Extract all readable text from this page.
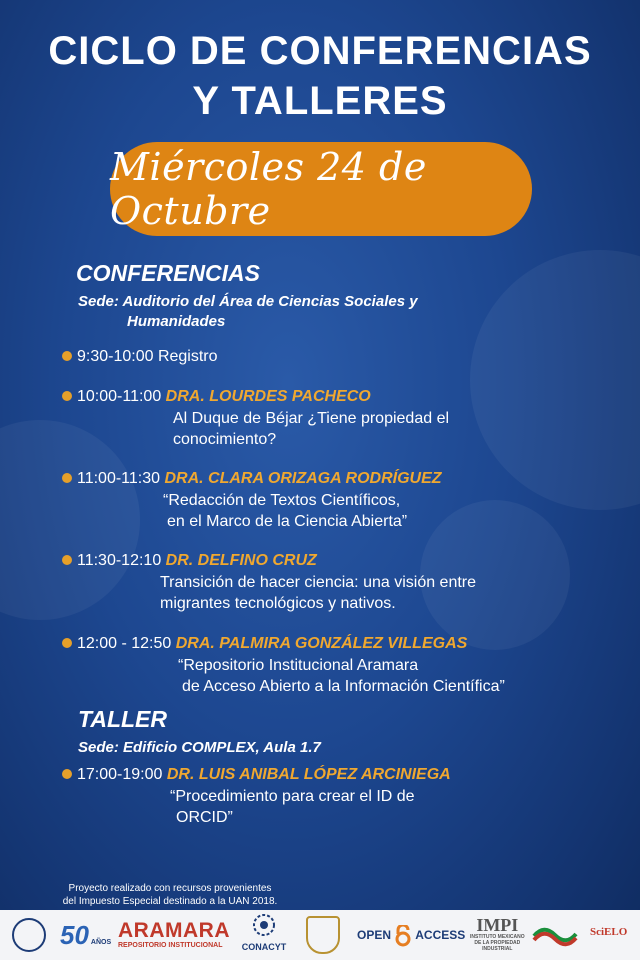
CICLO DE CONFERENCIAS
Y TALLERES
Miércoles 24 de Octubre
CONFERENCIAS
Sede: Auditorio del Área de Ciencias Sociales y
Humanidades
9:30-10:00 Registro
10:00-11:00 DRA. LOURDES PACHECO
Al Duque de Béjar ¿Tiene propiedad el
conocimiento?
11:00-11:30 DRA. CLARA ORIZAGA RODRÍGUEZ
“Redacción de Textos Científicos,
en el Marco de la Ciencia Abierta”
11:30-12:10 DR. DELFINO CRUZ
Transición de hacer ciencia: una visión entre
migrantes tecnológicos y nativos.
12:00 - 12:50 DRA. PALMIRA GONZÁLEZ VILLEGAS
“Repositorio Institucional Aramara
de Acceso Abierto a la Información Científica”
TALLER
Sede: Edificio COMPLEX, Aula 1.7
17:00-19:00 DR. LUIS ANIBAL LÓPEZ ARCINIEGA
“Procedimiento para crear el ID de
ORCID”
Proyecto realizado con recursos provenientes
del Impuesto Especial destinado a la UAN 2018.
50 AÑOS
ARAMARA
REPOSITORIO INSTITUCIONAL	CONACYT
OPEN ACCESS
IMPI
INSTITUTO MEXICANO
DE LA PROPIEDAD
INDUSTRIAL
SciELO
